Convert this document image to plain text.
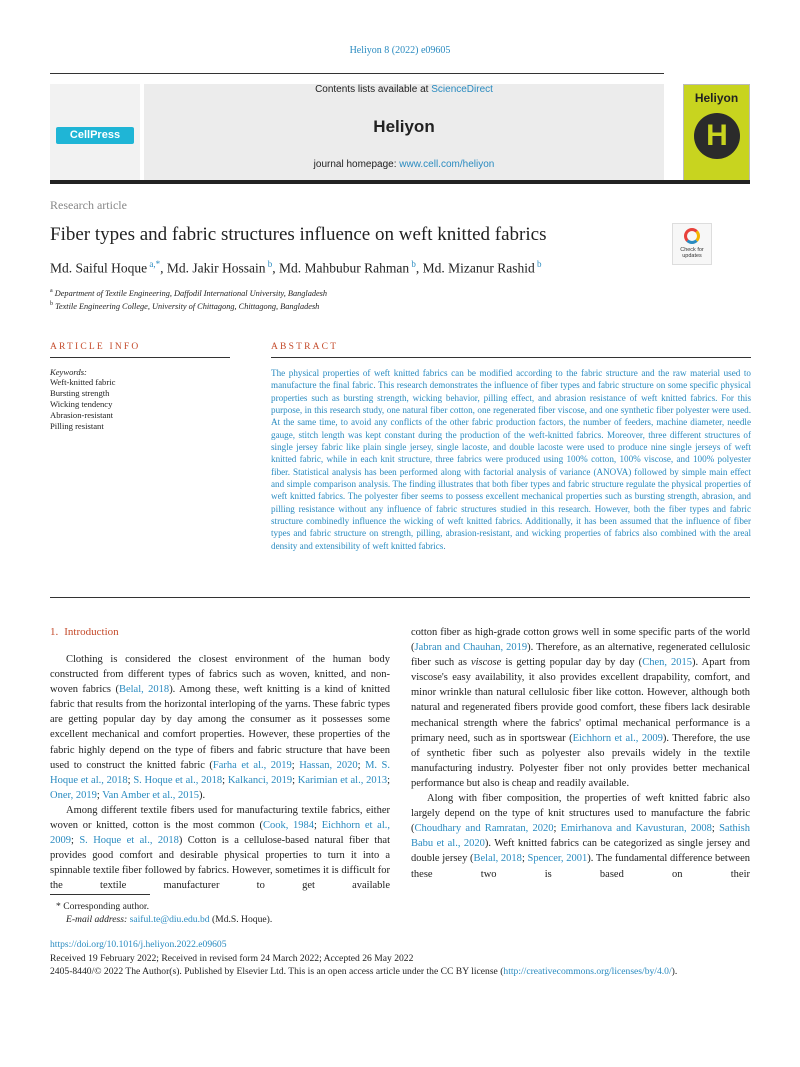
Heliyon 8 (2022) e09605
CellPress
Contents lists available at ScienceDirect
Heliyon
journal homepage: www.cell.com/heliyon
Heliyon
H
Research article
Fiber types and fabric structures influence on weft knitted fabrics
Check for
updates
Md. Saiful Hoque $^{a,*}$, Md. Jakir Hossain $^b$, Md. Mahbubur Rahman $^b$, Md. Mizanur Rashid $^b$
$^a$ Department of Textile Engineering, Daffodil International University, Bangladesh
$^b$ Textile Engineering College, University of Chittagong, Chittagong, Bangladesh
ARTICLE INFO
Keywords:
Weft-knitted fabric
Bursting strength
Wicking tendency
Abrasion-resistant
Pilling resistant
ABSTRACT
The physical properties of weft knitted fabrics can be modified according to the fabric structure and the raw material used to manufacture the final fabric. This research demonstrates the influence of fiber types and fabric structure on some specific physical properties such as bursting strength, wicking behavior, pilling effect, and abrasion resistance of weft knitted fabrics. For this purpose, in this research study, one natural fiber cotton, one regenerated fiber viscose, and one synthetic fiber polyester were used. At the same time, to avoid any conflicts of the other fabric production factors, the number of feeders, machine diameter, needle gauge, stitch length was kept constant during the production of the weft-knitted fabrics. Moreover, three different structures of single jersey fabric like plain single jersey, single lacoste, and double lacoste were used to produce nine single jerseys of weft knitted fabric, while in each knit structure, three fabrics were produced using 100% cotton, 100% viscose, and 100% polyester fiber. Statistical analysis has been performed along with factorial analysis of variance (ANOVA) followed by simple main effect and simple comparison analysis. The finding illustrates that both fiber types and fabric structure regulate the physical properties of weft knitted fabrics. The polyester fiber seems to possess excellent mechanical properties such as bursting strength, abrasion, and pilling resistance without any influence of fabric structures studied in this research. However, both the fiber types and fabric structure combinedly influence the wicking of weft knitted fabrics. Additionally, it has been assumed that the influence of fiber types and fabric structure on strength, pilling, abrasion-resistant, and wicking properties of fabrics also combined with the areal density and extensibility of weft knitted fabrics.
1. Introduction

Clothing is considered the closest environment of the human body constructed from different types of fabrics such as woven, knitted, and non-woven fabrics (Belal, 2018). Among these, weft knitting is a kind of knitted fabric that results from the horizontal interloping of the yarns. These fabric types are getting popular day by day among the consumer as it possesses some excellent mechanical and comfort properties. However, these properties of the fabric highly depend on the type of fibers and fabric structure that have been used to construct the knitted fabric (Farha et al., 2019; Hassan, 2020; M. S. Hoque et al., 2018; S. Hoque et al., 2018; Kalkanci, 2019; Karimian et al., 2013; Oner, 2019; Van Amber et al., 2015).

Among different textile fibers used for manufacturing textile fabrics, either woven or knitted, cotton is the most common (Cook, 1984; Eichhorn et al., 2009; S. Hoque et al., 2018) Cotton is a cellulose-based natural fiber that provides good comfort and desirable physical properties to turn it into a spinnable textile fiber followed by fabrics. However, sometimes it is difficult for the textile manufacturer to get available

cotton fiber as high-grade cotton grows well in some specific parts of the world (Jabran and Chauhan, 2019). Therefore, as an alternative, regenerated cellulosic fiber such as viscose is getting popular day by day (Chen, 2015). Apart from viscose's easy availability, it also provides excellent drapability, comfort, and minor wrinkle than natural cellulosic fiber like cotton. However, although both natural and regenerated fibers provide good comfort, these fibers lack desirable mechanical strength where the fabrics' optimal mechanical performance is a primary need, such as in sportswear (Eichhorn et al., 2009). Therefore, the use of synthetic fiber such as polyester also prevails widely in the textile manufacturing industry. Polyester fiber not only provides better mechanical performance but also is cheap and readily available.

Along with fiber composition, the properties of weft knitted fabric also largely depend on the type of knit structures used to manufacture the fabric (Choudhary and Ramratan, 2020; Emirhanova and Kavusturan, 2008; Sathish Babu et al., 2020). Weft knitted fabrics can be categorized as single jersey and double jersey (Belal, 2018; Spencer, 2001). The fundamental difference between these two is based on their

* Corresponding author.
E-mail address: saiful.te@diu.edu.bd (Md.S. Hoque).
https://doi.org/10.1016/j.heliyon.2022.e09605
Received 19 February 2022; Received in revised form 24 March 2022; Accepted 26 May 2022
2405-8440/© 2022 The Author(s). Published by Elsevier Ltd. This is an open access article under the CC BY license (http://creativecommons.org/licenses/by/4.0/).
